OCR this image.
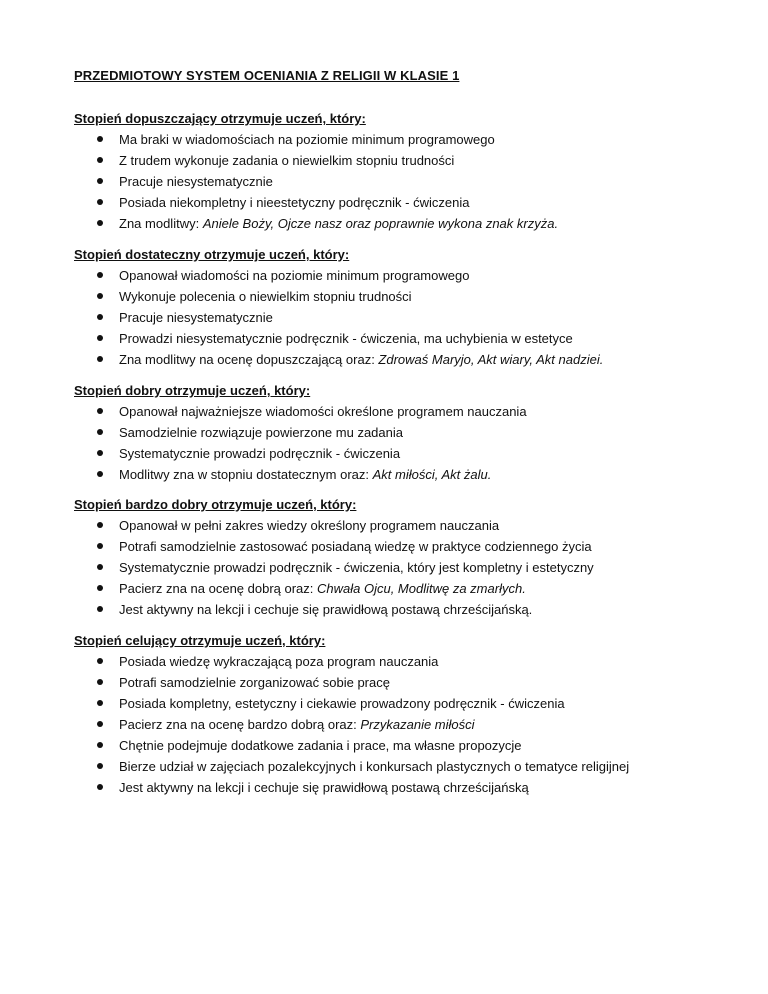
PRZEDMIOTOWY SYSTEM OCENIANIA Z RELIGII W KLASIE 1
Stopień dopuszczający otrzymuje uczeń, który:
Ma braki w wiadomościach na poziomie minimum programowego
Z trudem wykonuje zadania o niewielkim stopniu trudności
Pracuje niesystematycznie
Posiada niekompletny i nieestetyczny podręcznik - ćwiczenia
Zna modlitwy: Aniele Boży, Ojcze nasz oraz poprawnie wykona znak krzyża.
Stopień dostateczny otrzymuje uczeń, który:
Opanował wiadomości na poziomie minimum programowego
Wykonuje polecenia o niewielkim stopniu trudności
Pracuje niesystematycznie
Prowadzi niesystematycznie podręcznik - ćwiczenia, ma uchybienia w estetyce
Zna modlitwy na ocenę dopuszczającą oraz: Zdrowaś Maryjo, Akt wiary, Akt nadziei.
Stopień dobry otrzymuje uczeń, który:
Opanował najważniejsze wiadomości określone programem nauczania
Samodzielnie rozwiązuje powierzone mu zadania
Systematycznie prowadzi podręcznik - ćwiczenia
Modlitwy zna w stopniu dostatecznym oraz: Akt miłości, Akt żalu.
Stopień bardzo dobry otrzymuje uczeń, który:
Opanował w pełni zakres wiedzy określony programem nauczania
Potrafi samodzielnie zastosować posiadaną wiedzę w praktyce codziennego życia
Systematycznie prowadzi podręcznik - ćwiczenia, który jest kompletny i estetyczny
Pacierz zna na ocenę dobrą oraz: Chwała Ojcu, Modlitwę za zmarłych.
Jest aktywny na lekcji i cechuje się prawidłową postawą chrześcijańską.
Stopień celujący otrzymuje uczeń, który:
Posiada wiedzę wykraczającą poza program nauczania
Potrafi samodzielnie zorganizować sobie pracę
Posiada kompletny, estetyczny i ciekawie prowadzony podręcznik - ćwiczenia
Pacierz zna na ocenę bardzo dobrą oraz: Przykazanie miłości
Chętnie podejmuje dodatkowe zadania i prace, ma własne propozycje
Bierze udział w zajęciach pozalekcyjnych i konkursach plastycznych o tematyce religijnej
Jest aktywny na lekcji i cechuje się prawidłową postawą chrześcijańską
